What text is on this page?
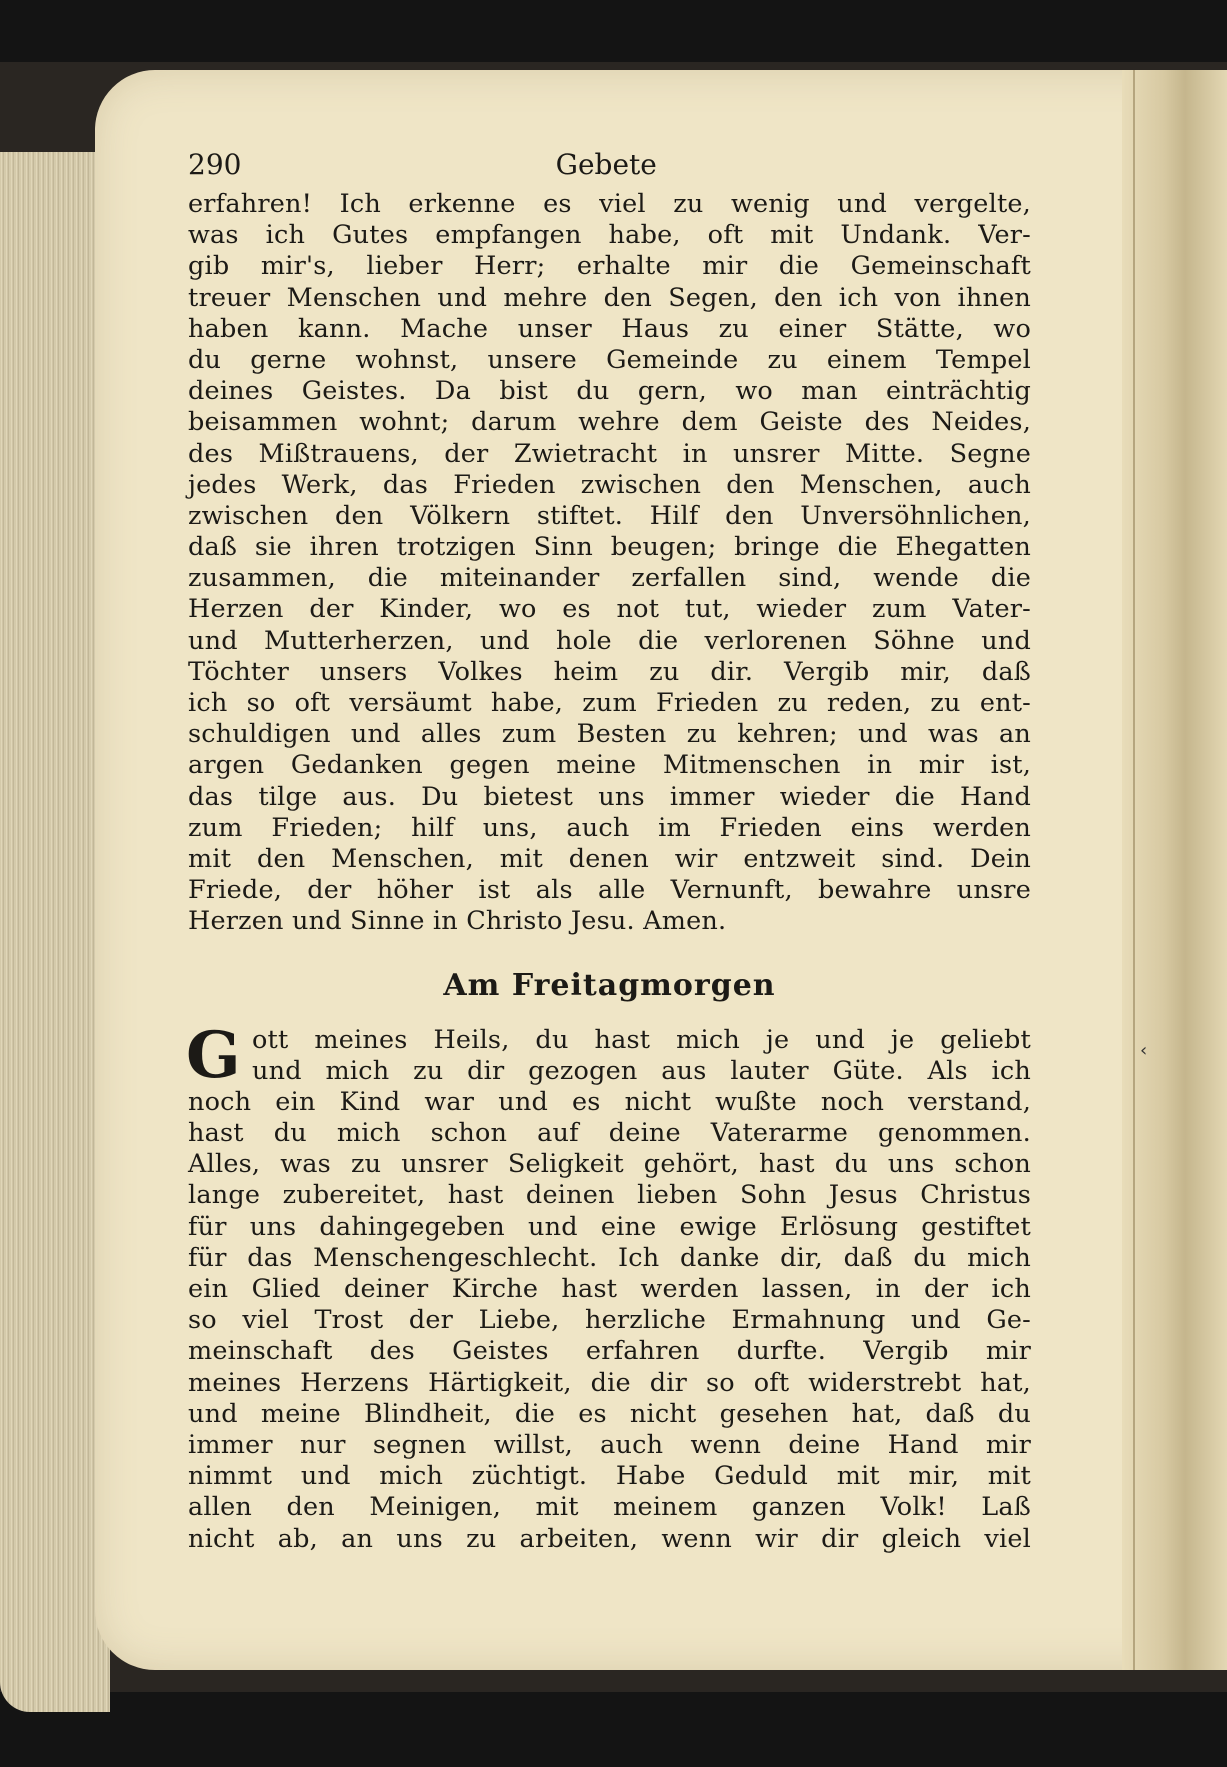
290	Gebete
erfahren! Ich erkenne es viel zu wenig und vergelte,
was ich Gutes empfangen habe, oft mit Undank. Ver-
gib mir's, lieber Herr; erhalte mir die Gemeinschaft
treuer Menschen und mehre den Segen, den ich von ihnen
haben kann. Mache unser Haus zu einer Stätte, wo
du gerne wohnst, unsere Gemeinde zu einem Tempel
deines Geistes. Da bist du gern, wo man einträchtig
beisammen wohnt; darum wehre dem Geiste des Neides,
des Mißtrauens, der Zwietracht in unsrer Mitte. Segne
jedes Werk, das Frieden zwischen den Menschen, auch
zwischen den Völkern stiftet. Hilf den Unversöhnlichen,
daß sie ihren trotzigen Sinn beugen; bringe die Ehegatten
zusammen, die miteinander zerfallen sind, wende die
Herzen der Kinder, wo es not tut, wieder zum Vater-
und Mutterherzen, und hole die verlorenen Söhne und
Töchter unsers Volkes heim zu dir. Vergib mir, daß
ich so oft versäumt habe, zum Frieden zu reden, zu ent-
schuldigen und alles zum Besten zu kehren; und was an
argen Gedanken gegen meine Mitmenschen in mir ist,
das tilge aus. Du bietest uns immer wieder die Hand
zum Frieden; hilf uns, auch im Frieden eins werden
mit den Menschen, mit denen wir entzweit sind. Dein
Friede, der höher ist als alle Vernunft, bewahre unsre
Herzen und Sinne in Christo Jesu. Amen.
Am Freitagmorgen
G ott meines Heils, du hast mich je und je geliebt
und mich zu dir gezogen aus lauter Güte. Als ich
noch ein Kind war und es nicht wußte noch verstand,
hast du mich schon auf deine Vaterarme genommen.
Alles, was zu unsrer Seligkeit gehört, hast du uns schon
lange zubereitet, hast deinen lieben Sohn Jesus Christus
für uns dahingegeben und eine ewige Erlösung gestiftet
für das Menschengeschlecht. Ich danke dir, daß du mich
ein Glied deiner Kirche hast werden lassen, in der ich
so viel Trost der Liebe, herzliche Ermahnung und Ge-
meinschaft des Geistes erfahren durfte. Vergib mir
meines Herzens Härtigkeit, die dir so oft widerstrebt hat,
und meine Blindheit, die es nicht gesehen hat, daß du
immer nur segnen willst, auch wenn deine Hand mir
nimmt und mich züchtigt. Habe Geduld mit mir, mit
allen den Meinigen, mit meinem ganzen Volk! Laß
nicht ab, an uns zu arbeiten, wenn wir dir gleich viel
‹
